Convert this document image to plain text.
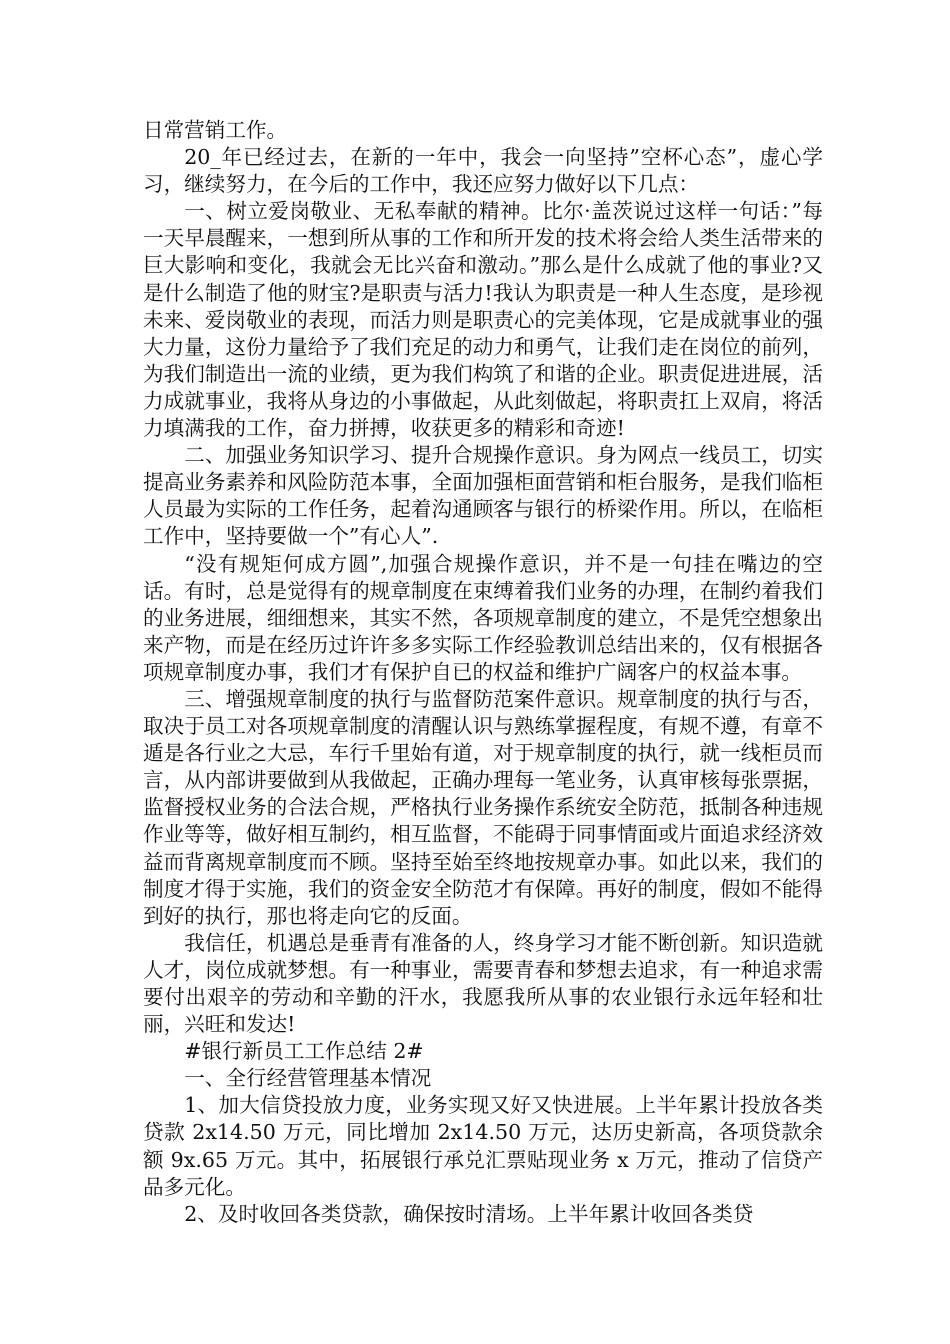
日常营销工作。

20_年已经过去，在新的一年中，我会一向坚持”空杯心态”，虚心学习，继续努力，在今后的工作中，我还应努力做好以下几点：

一、树立爱岗敬业、无私奉献的精神。比尔·盖茨说过这样一句话：”每一天早晨醒来，一想到所从事的工作和所开发的技术将会给人类生活带来的巨大影响和变化，我就会无比兴奋和激动。”那么是什么成就了他的事业?又是什么制造了他的财宝?是职责与活力!我认为职责是一种人生态度，是珍视未来、爱岗敬业的表现，而活力则是职责心的完美体现，它是成就事业的强大力量，这份力量给予了我们充足的动力和勇气，让我们走在岗位的前列，为我们制造出一流的业绩，更为我们构筑了和谐的企业。职责促进进展，活力成就事业，我将从身边的小事做起，从此刻做起，将职责扛上双肩，将活力填满我的工作，奋力拼搏，收获更多的精彩和奇迹!

二、加强业务知识学习、提升合规操作意识。身为网点一线员工，切实提高业务素养和风险防范本事，全面加强柜面营销和柜台服务，是我们临柜人员最为实际的工作任务，起着沟通顾客与银行的桥梁作用。所以，在临柜工作中，坚持要做一个”有心人”.

“没有规矩何成方圆”,加强合规操作意识，并不是一句挂在嘴边的空话。有时，总是觉得有的规章制度在束缚着我们业务的办理，在制约着我们的业务进展，细细想来，其实不然，各项规章制度的建立，不是凭空想象出来产物，而是在经历过许许多多实际工作经验教训总结出来的，仅有根据各项规章制度办事，我们才有保护自已的权益和维护广阔客户的权益本事。

三、增强规章制度的执行与监督防范案件意识。规章制度的执行与否，取决于员工对各项规章制度的清醒认识与熟练掌握程度，有规不遵，有章不遁是各行业之大忌，车行千里始有道，对于规章制度的执行，就一线柜员而言，从内部讲要做到从我做起，正确办理每一笔业务，认真审核每张票据，监督授权业务的合法合规，严格执行业务操作系统安全防范，抵制各种违规作业等等，做好相互制约，相互监督，不能碍于同事情面或片面追求经济效益而背离规章制度而不顾。坚持至始至终地按规章办事。如此以来，我们的制度才得于实施，我们的资金安全防范才有保障。再好的制度，假如不能得到好的执行，那也将走向它的反面。

我信任，机遇总是垂青有准备的人，终身学习才能不断创新。知识造就人才，岗位成就梦想。有一种事业，需要青春和梦想去追求，有一种追求需要付出艰辛的劳动和辛勤的汗水，我愿我所从事的农业银行永远年轻和壮丽，兴旺和发达!

#银行新员工工作总结 2#

一、全行经营管理基本情况

1、加大信贷投放力度，业务实现又好又快进展。上半年累计投放各类贷款 2x14.50 万元，同比增加 2x14.50 万元，达历史新高，各项贷款余额 9x.65 万元。其中，拓展银行承兑汇票贴现业务 x 万元，推动了信贷产品多元化。

2、及时收回各类贷款，确保按时清场。上半年累计收回各类贷
